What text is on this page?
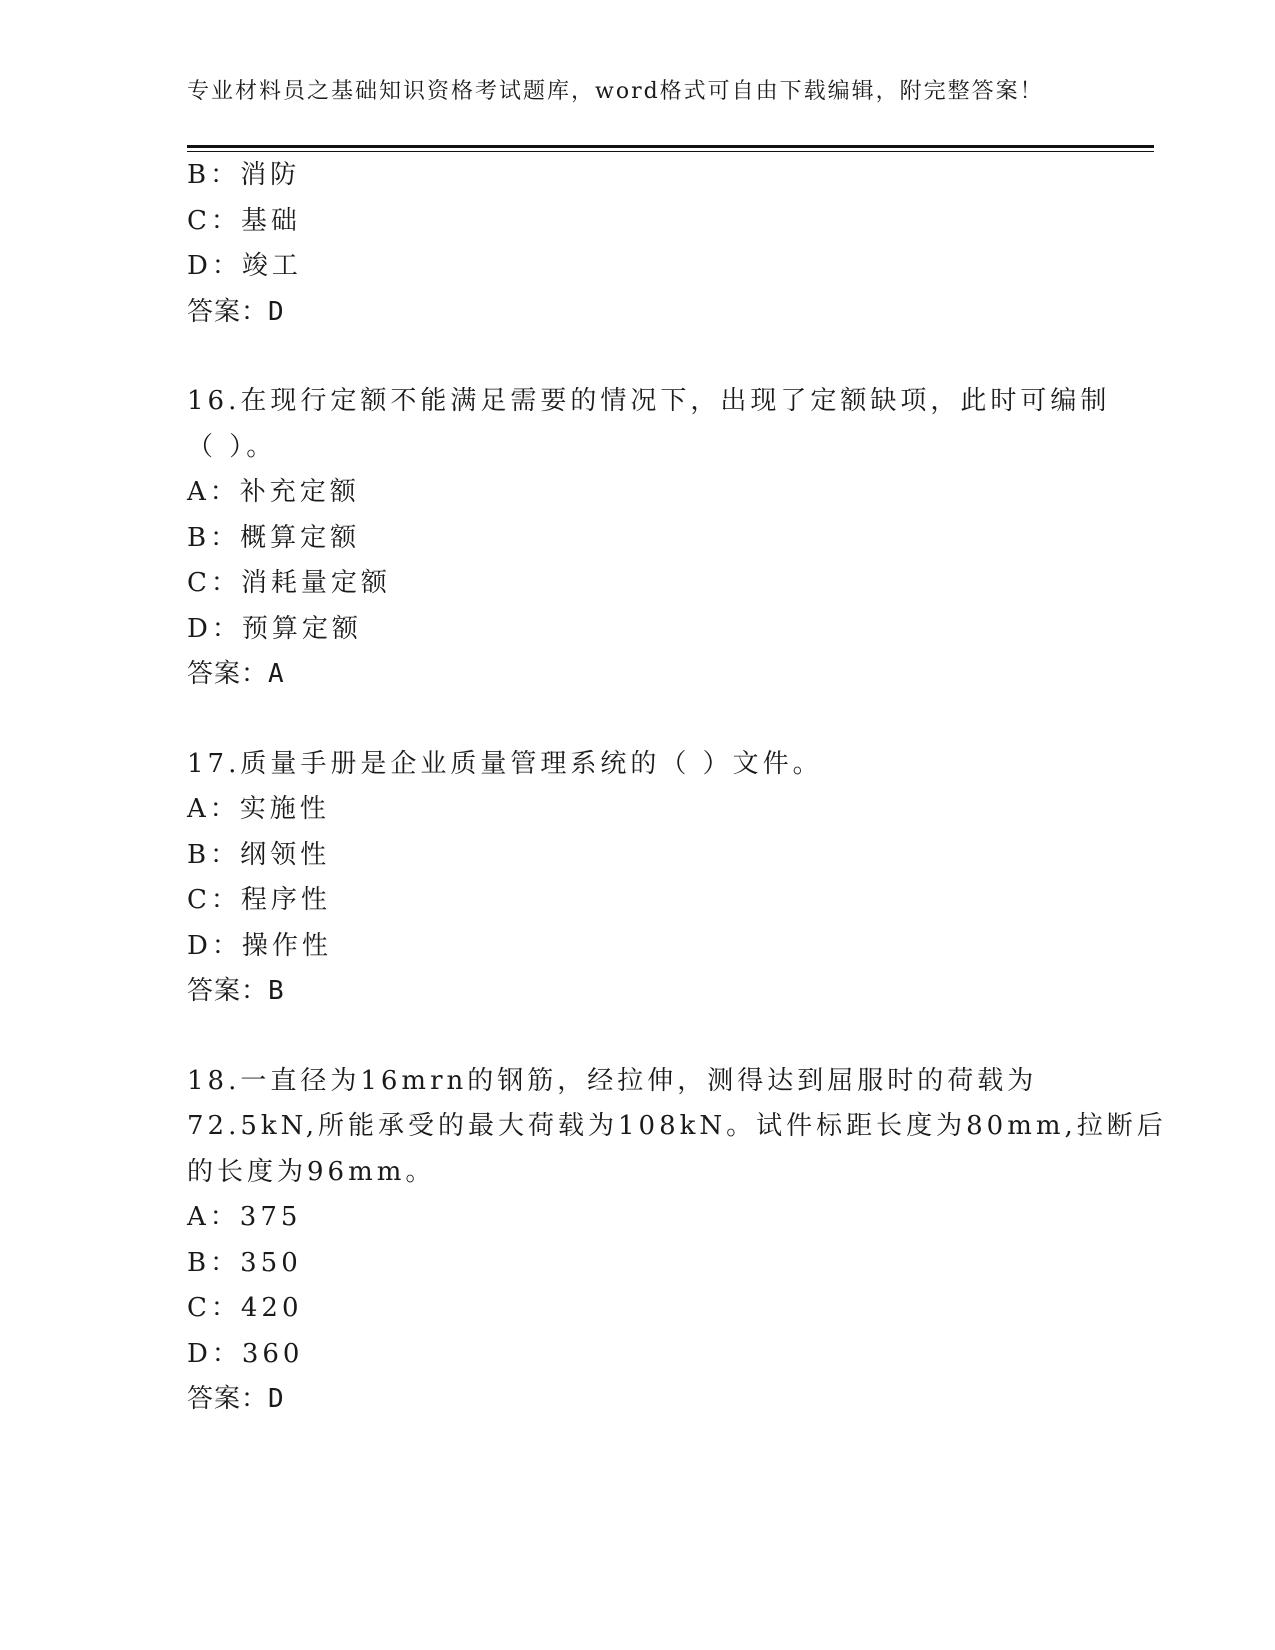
专业材料员之基础知识资格考试题库，word格式可自由下载编辑，附完整答案！
B：消防
C：基础
D：竣工
答案：D
16.在现行定额不能满足需要的情况下，出现了定额缺项，此时可编制
（ ）。
A：补充定额
B：概算定额
C：消耗量定额
D：预算定额
答案：A
17.质量手册是企业质量管理系统的（ ）文件。
A：实施性
B：纲领性
C：程序性
D：操作性
答案：B
18.一直径为16mrn的钢筋，经拉伸，测得达到屈服时的荷载为
72.5kN,所能承受的最大荷载为108kN。试件标距长度为80mm,拉断后
的长度为96mm。
A：375
B：350
C：420
D：360
答案：D
